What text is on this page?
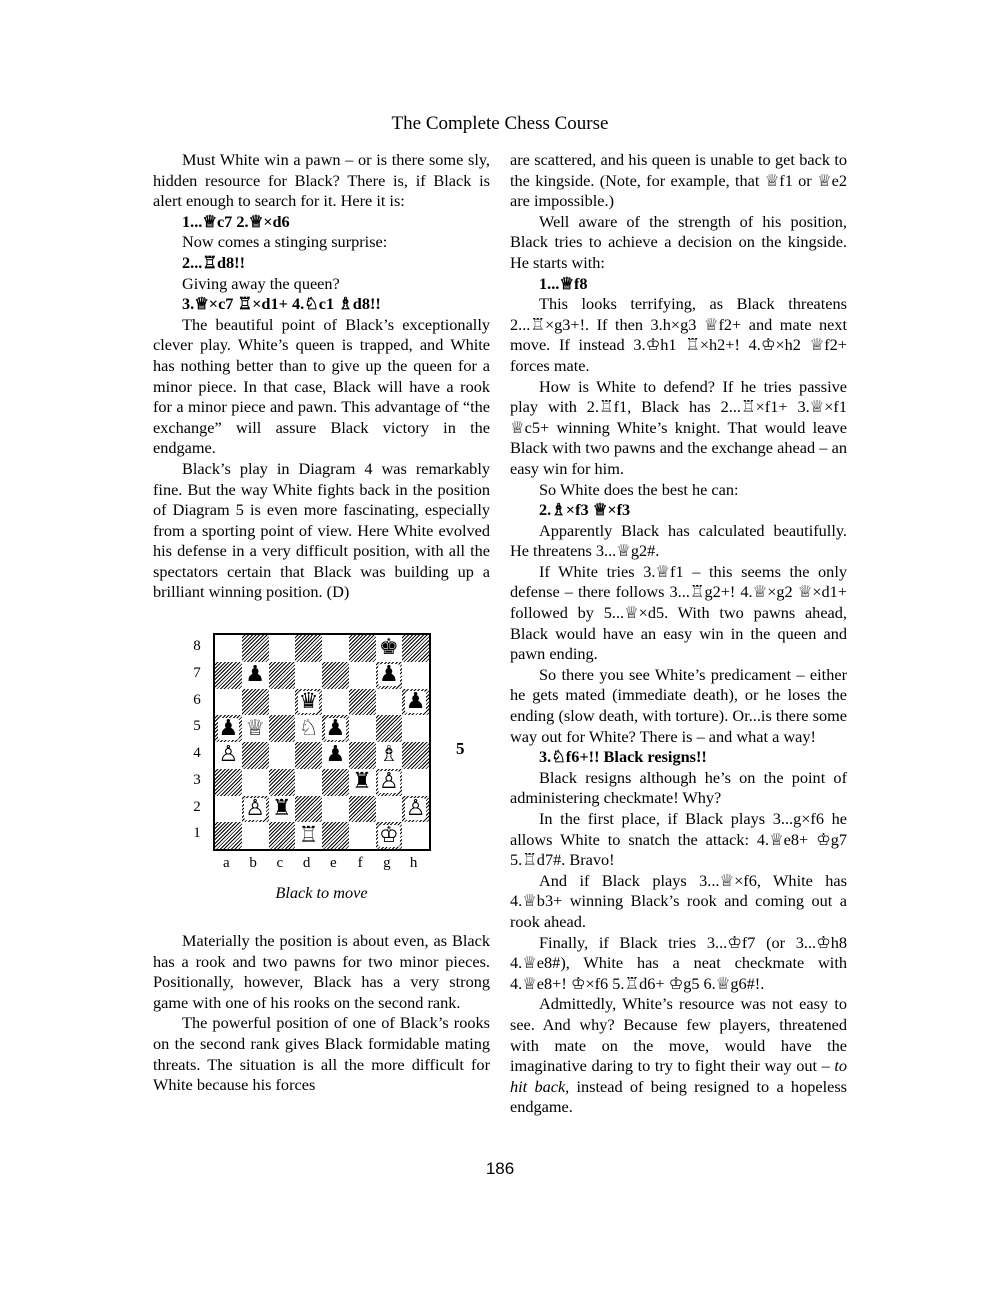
The Complete Chess Course

Must White win a pawn – or is there some sly, hidden resource for Black? There is, if Black is alert enough to search for it. Here it is:

1...♕c7 2.♕×d6

Now comes a stinging surprise:

2...♖d8!!

Giving away the queen?

3.♕×c7 ♖×d1+ 4.♘c1 ♗d8!!

The beautiful point of Black’s exceptionally clever play. White’s queen is trapped, and White has nothing better than to give up the queen for a minor piece. In that case, Black will have a rook for a minor piece and pawn. This advantage of “the exchange” will assure Black victory in the endgame.

Black’s play in Diagram 4 was remarkably fine. But the way White fights back in the position of Diagram 5 is even more fascinating, especially from a sporting point of view. Here White evolved his defense in a very difficult position, with all the spectators certain that Black was building up a brilliant winning position. (D)

8
7
6
5
4
3
2
1
♚
♟	♟
♛	♟
♟ ♕ ♘ ♟
♙	♟ ♗
♜ ♙
♙ ♜	♙
♖	♔
a	b	c	d	e	f	g	h
5
Black to move

Materially the position is about even, as Black has a rook and two pawns for two minor pieces. Positionally, however, Black has a very strong game with one of his rooks on the second rank.

The powerful position of one of Black’s rooks on the second rank gives Black formidable mating threats. The situation is all the more difficult for White because his forces

are scattered, and his queen is unable to get back to the kingside. (Note, for example, that ♕f1 or ♕e2 are impossible.)

Well aware of the strength of his position, Black tries to achieve a decision on the kingside. He starts with:

1...♕f8

This looks terrifying, as Black threatens 2...♖×g3+!. If then 3.h×g3 ♕f2+ and mate next move. If instead 3.♔h1 ♖×h2+! 4.♔×h2 ♕f2+ forces mate.

How is White to defend? If he tries passive play with 2.♖f1, Black has 2...♖×f1+ 3.♕×f1 ♕c5+ winning White’s knight. That would leave Black with two pawns and the exchange ahead – an easy win for him.

So White does the best he can:

2.♗×f3 ♕×f3

Apparently Black has calculated beautifully. He threatens 3...♕g2#.

If White tries 3.♕f1 – this seems the only defense – there follows 3...♖g2+! 4.♕×g2 ♕×d1+ followed by 5...♕×d5. With two pawns ahead, Black would have an easy win in the queen and pawn ending.

So there you see White’s predicament – either he gets mated (immediate death), or he loses the ending (slow death, with torture). Or...is there some way out for White? There is – and what a way!

3.♘f6+!! Black resigns!!

Black resigns although he’s on the point of administering checkmate! Why?

In the first place, if Black plays 3...g×f6 he allows White to snatch the attack: 4.♕e8+ ♔g7 5.♖d7#. Bravo!

And if Black plays 3...♕×f6, White has 4.♕b3+ winning Black’s rook and coming out a rook ahead.

Finally, if Black tries 3...♔f7 (or 3...♔h8 4.♕e8#), White has a neat checkmate with 4.♕e8+! ♔×f6 5.♖d6+ ♔g5 6.♕g6#!.

Admittedly, White’s resource was not easy to see. And why? Because few players, threatened with mate on the move, would have the imaginative daring to try to fight their way out – to hit back, instead of being resigned to a hopeless endgame.

186
